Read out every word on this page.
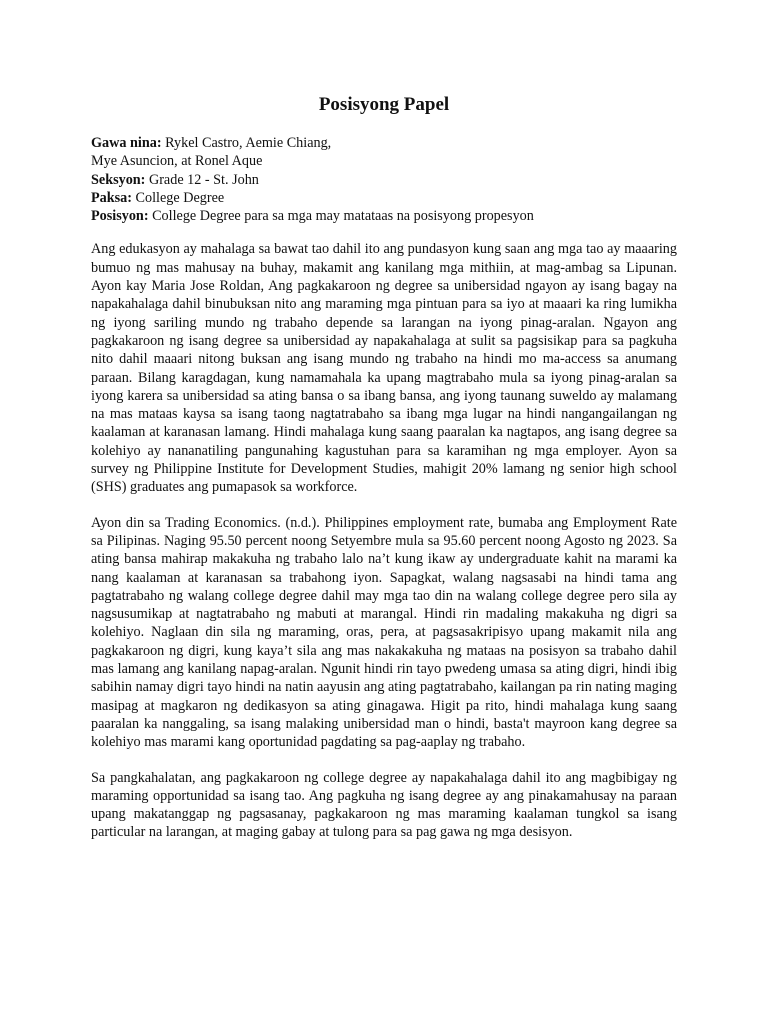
Posisyong Papel
Gawa nina: Rykel Castro, Aemie Chiang,
Mye Asuncion, at Ronel Aque
Seksyon: Grade 12 - St. John
Paksa: College Degree
Posisyon: College Degree para sa mga may matataas na posisyong propesyon

Ang edukasyon ay mahalaga sa bawat tao dahil ito ang pundasyon kung saan ang mga tao ay maaaring bumuo ng mas mahusay na buhay, makamit ang kanilang mga mithiin, at mag-ambag sa Lipunan. Ayon kay Maria Jose Roldan, Ang pagkakaroon ng degree sa unibersidad ngayon ay isang bagay na napakahalaga dahil binubuksan nito ang maraming mga pintuan para sa iyo at maaari ka ring lumikha ng iyong sariling mundo ng trabaho depende sa larangan na iyong pinag-aralan. Ngayon ang pagkakaroon ng isang degree sa unibersidad ay napakahalaga at sulit sa pagsisikap para sa pagkuha nito dahil maaari nitong buksan ang isang mundo ng trabaho na hindi mo ma-access sa anumang paraan. Bilang karagdagan, kung namamahala ka upang magtrabaho mula sa iyong pinag-aralan sa iyong karera sa unibersidad sa ating bansa o sa ibang bansa, ang iyong taunang suweldo ay malamang na mas mataas kaysa sa isang taong nagtatrabaho sa ibang mga lugar na hindi nangangailangan ng kaalaman at karanasan lamang. Hindi mahalaga kung saang paaralan ka nagtapos, ang isang degree sa kolehiyo ay nananatiling pangunahing kagustuhan para sa karamihan ng mga employer. Ayon sa survey ng Philippine Institute for Development Studies, mahigit 20% lamang ng senior high school (SHS) graduates ang pumapasok sa workforce.

Ayon din sa Trading Economics. (n.d.). Philippines employment rate, bumaba ang Employment Rate sa Pilipinas. Naging 95.50 percent noong Setyembre mula sa 95.60 percent noong Agosto ng 2023. Sa ating bansa mahirap makakuha ng trabaho lalo na’t kung ikaw ay undergraduate kahit na marami ka nang kaalaman at karanasan sa trabahong iyon. Sapagkat, walang nagsasabi na hindi tama ang pagtatrabaho ng walang college degree dahil may mga tao din na walang college degree pero sila ay nagsusumikap at nagtatrabaho ng mabuti at marangal. Hindi rin madaling makakuha ng digri sa kolehiyo. Naglaan din sila ng maraming, oras, pera, at pagsasakripisyo upang makamit nila ang pagkakaroon ng digri, kung kaya’t sila ang mas nakakakuha ng mataas na posisyon sa trabaho dahil mas lamang ang kanilang napag-aralan. Ngunit hindi rin tayo pwedeng umasa sa ating digri, hindi ibig sabihin namay digri tayo hindi na natin aayusin ang ating pagtatrabaho, kailangan pa rin nating maging masipag at magkaron ng dedikasyon sa ating ginagawa. Higit pa rito, hindi mahalaga kung saang paaralan ka nanggaling, sa isang malaking unibersidad man o hindi, basta't mayroon kang degree sa kolehiyo mas marami kang oportunidad pagdating sa pag-aaplay ng trabaho.

Sa pangkahalatan, ang pagkakaroon ng college degree ay napakahalaga dahil ito ang magbibigay ng maraming opportunidad sa isang tao. Ang pagkuha ng isang degree ay ang pinakamahusay na paraan upang makatanggap ng pagsasanay, pagkakaroon ng mas maraming kaalaman tungkol sa isang particular na larangan, at maging gabay at tulong para sa pag gawa ng mga desisyon.
